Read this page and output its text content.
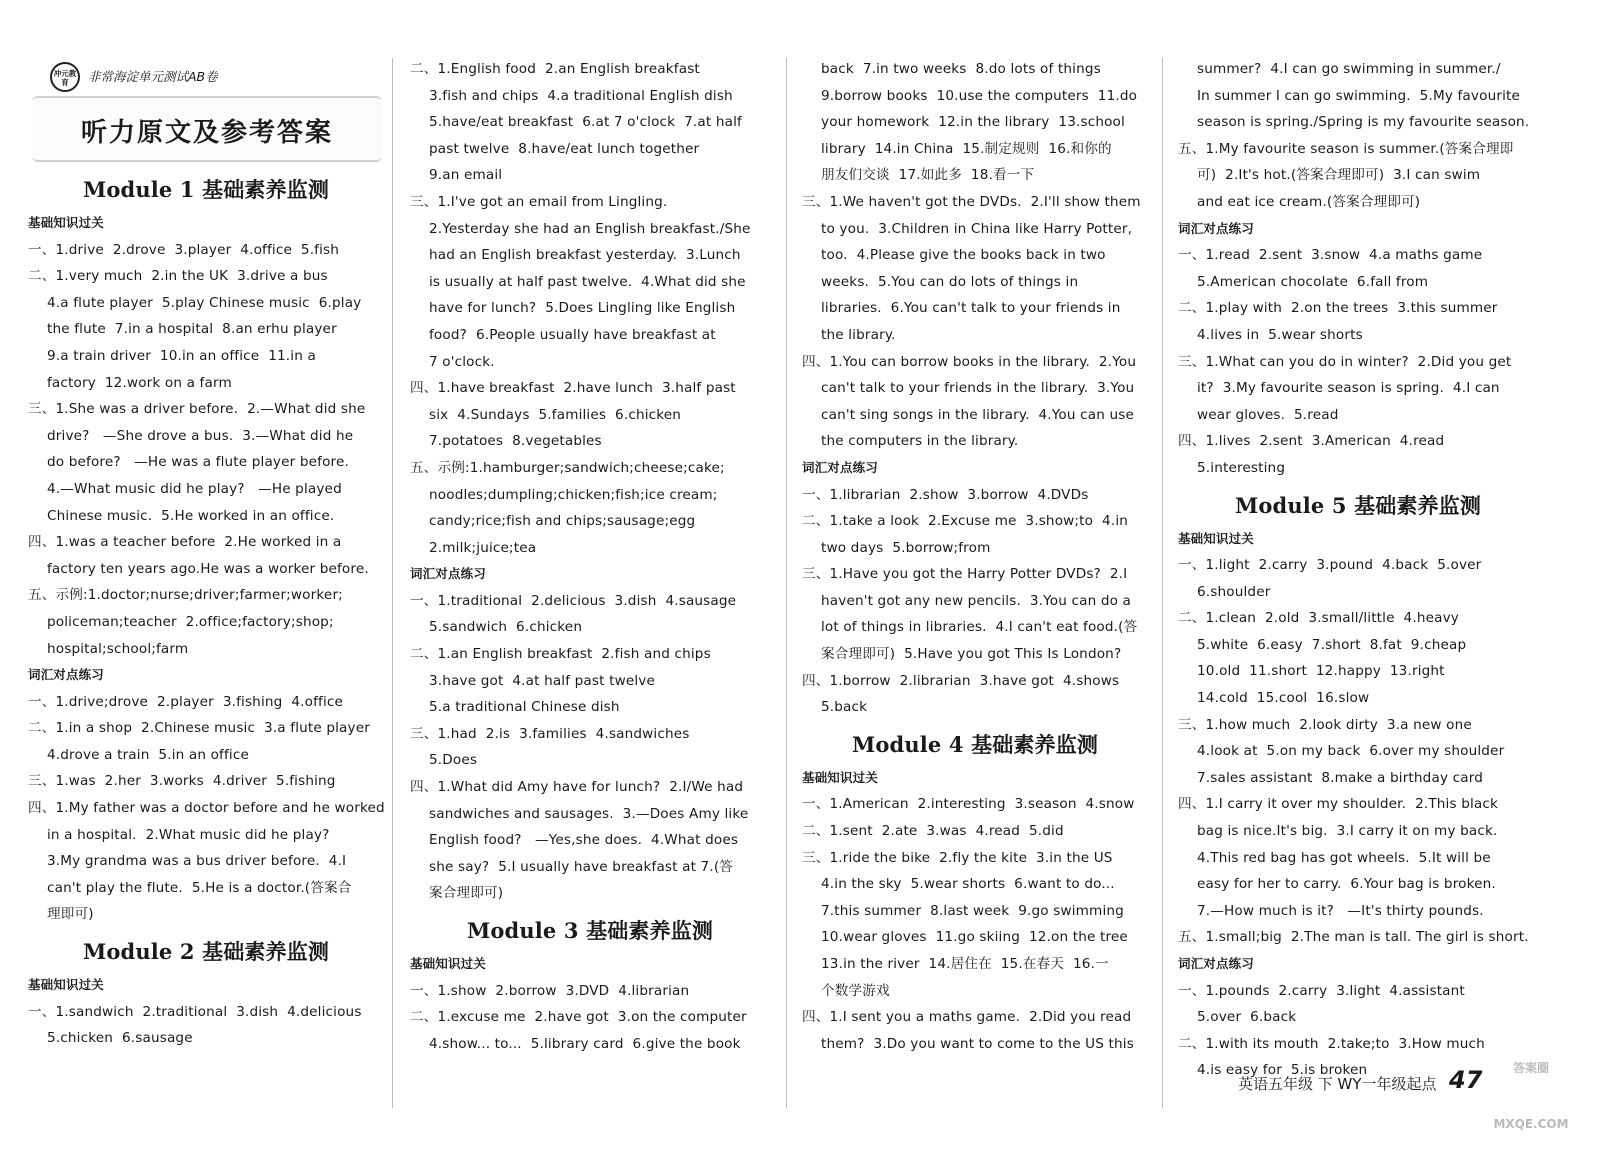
冲元教育	非常海淀单元测试AB卷
听力原文及参考答案
Module 1 基础素养监测
基础知识过关
一、1.drive  2.drove  3.player  4.office  5.fish
二、1.very much  2.in the UK  3.drive a bus
4.a flute player  5.play Chinese music  6.play
the flute  7.in a hospital  8.an erhu player
9.a train driver  10.in an office  11.in a
factory  12.work on a farm
三、1.She was a driver before.  2.—What did she
drive?   —She drove a bus.  3.—What did he
do before?   —He was a flute player before.
4.—What music did he play?   —He played
Chinese music.  5.He worked in an office.
四、1.was a teacher before  2.He worked in a
factory ten years ago.He was a worker before.
五、示例:1.doctor;nurse;driver;farmer;worker;
policeman;teacher  2.office;factory;shop;
hospital;school;farm
词汇对点练习
一、1.drive;drove  2.player  3.fishing  4.office
二、1.in a shop  2.Chinese music  3.a flute player
4.drove a train  5.in an office
三、1.was  2.her  3.works  4.driver  5.fishing
四、1.My father was a doctor before and he worked
in a hospital.  2.What music did he play?
3.My grandma was a bus driver before.  4.I
can't play the flute.  5.He is a doctor.(答案合
理即可)
Module 2 基础素养监测
基础知识过关
一、1.sandwich  2.traditional  3.dish  4.delicious
5.chicken  6.sausage
二、1.English food  2.an English breakfast
3.fish and chips  4.a traditional English dish
5.have/eat breakfast  6.at 7 o'clock  7.at half
past twelve  8.have/eat lunch together
9.an email
三、1.I've got an email from Lingling.
2.Yesterday she had an English breakfast./She
had an English breakfast yesterday.  3.Lunch
is usually at half past twelve.  4.What did she
have for lunch?  5.Does Lingling like English
food?  6.People usually have breakfast at
7 o'clock.
四、1.have breakfast  2.have lunch  3.half past
six  4.Sundays  5.families  6.chicken
7.potatoes  8.vegetables
五、示例:1.hamburger;sandwich;cheese;cake;
noodles;dumpling;chicken;fish;ice cream;
candy;rice;fish and chips;sausage;egg
2.milk;juice;tea
词汇对点练习
一、1.traditional  2.delicious  3.dish  4.sausage
5.sandwich  6.chicken
二、1.an English breakfast  2.fish and chips
3.have got  4.at half past twelve
5.a traditional Chinese dish
三、1.had  2.is  3.families  4.sandwiches
5.Does
四、1.What did Amy have for lunch?  2.I/We had
sandwiches and sausages.  3.—Does Amy like
English food?   —Yes,she does.  4.What does
she say?  5.I usually have breakfast at 7.(答
案合理即可)
Module 3 基础素养监测
基础知识过关
一、1.show  2.borrow  3.DVD  4.librarian
二、1.excuse me  2.have got  3.on the computer
4.show... to...  5.library card  6.give the book
back  7.in two weeks  8.do lots of things
9.borrow books  10.use the computers  11.do
your homework  12.in the library  13.school
library  14.in China  15.制定规则  16.和你的
朋友们交谈  17.如此多  18.看一下
三、1.We haven't got the DVDs.  2.I'll show them
to you.  3.Children in China like Harry Potter,
too.  4.Please give the books back in two
weeks.  5.You can do lots of things in
libraries.  6.You can't talk to your friends in
the library.
四、1.You can borrow books in the library.  2.You
can't talk to your friends in the library.  3.You
can't sing songs in the library.  4.You can use
the computers in the library.
词汇对点练习
一、1.librarian  2.show  3.borrow  4.DVDs
二、1.take a look  2.Excuse me  3.show;to  4.in
two days  5.borrow;from
三、1.Have you got the Harry Potter DVDs?  2.I
haven't got any new pencils.  3.You can do a
lot of things in libraries.  4.I can't eat food.(答
案合理即可)  5.Have you got This Is London?
四、1.borrow  2.librarian  3.have got  4.shows
5.back
Module 4 基础素养监测
基础知识过关
一、1.American  2.interesting  3.season  4.snow
二、1.sent  2.ate  3.was  4.read  5.did
三、1.ride the bike  2.fly the kite  3.in the US
4.in the sky  5.wear shorts  6.want to do...
7.this summer  8.last week  9.go swimming
10.wear gloves  11.go skiing  12.on the tree
13.in the river  14.居住在  15.在春天  16.一
个数学游戏
四、1.I sent you a maths game.  2.Did you read
them?  3.Do you want to come to the US this
summer?  4.I can go swimming in summer./
In summer I can go swimming.  5.My favourite
season is spring./Spring is my favourite season.
五、1.My favourite season is summer.(答案合理即
可)  2.It's hot.(答案合理即可)  3.I can swim
and eat ice cream.(答案合理即可)
词汇对点练习
一、1.read  2.sent  3.snow  4.a maths game
5.American chocolate  6.fall from
二、1.play with  2.on the trees  3.this summer
4.lives in  5.wear shorts
三、1.What can you do in winter?  2.Did you get
it?  3.My favourite season is spring.  4.I can
wear gloves.  5.read
四、1.lives  2.sent  3.American  4.read
5.interesting
Module 5 基础素养监测
基础知识过关
一、1.light  2.carry  3.pound  4.back  5.over
6.shoulder
二、1.clean  2.old  3.small/little  4.heavy
5.white  6.easy  7.short  8.fat  9.cheap
10.old  11.short  12.happy  13.right
14.cold  15.cool  16.slow
三、1.how much  2.look dirty  3.a new one
4.look at  5.on my back  6.over my shoulder
7.sales assistant  8.make a birthday card
四、1.I carry it over my shoulder.  2.This black
bag is nice.It's big.  3.I carry it on my back.
4.This red bag has got wheels.  5.It will be
easy for her to carry.  6.Your bag is broken.
7.—How much is it?   —It's thirty pounds.
五、1.small;big  2.The man is tall. The girl is short.
词汇对点练习
一、1.pounds  2.carry  3.light  4.assistant
5.over  6.back
二、1.with its mouth  2.take;to  3.How much
4.is easy for  5.is broken
英语五年级 下 WY一年级起点 47	答案圈 MXQE.COM
